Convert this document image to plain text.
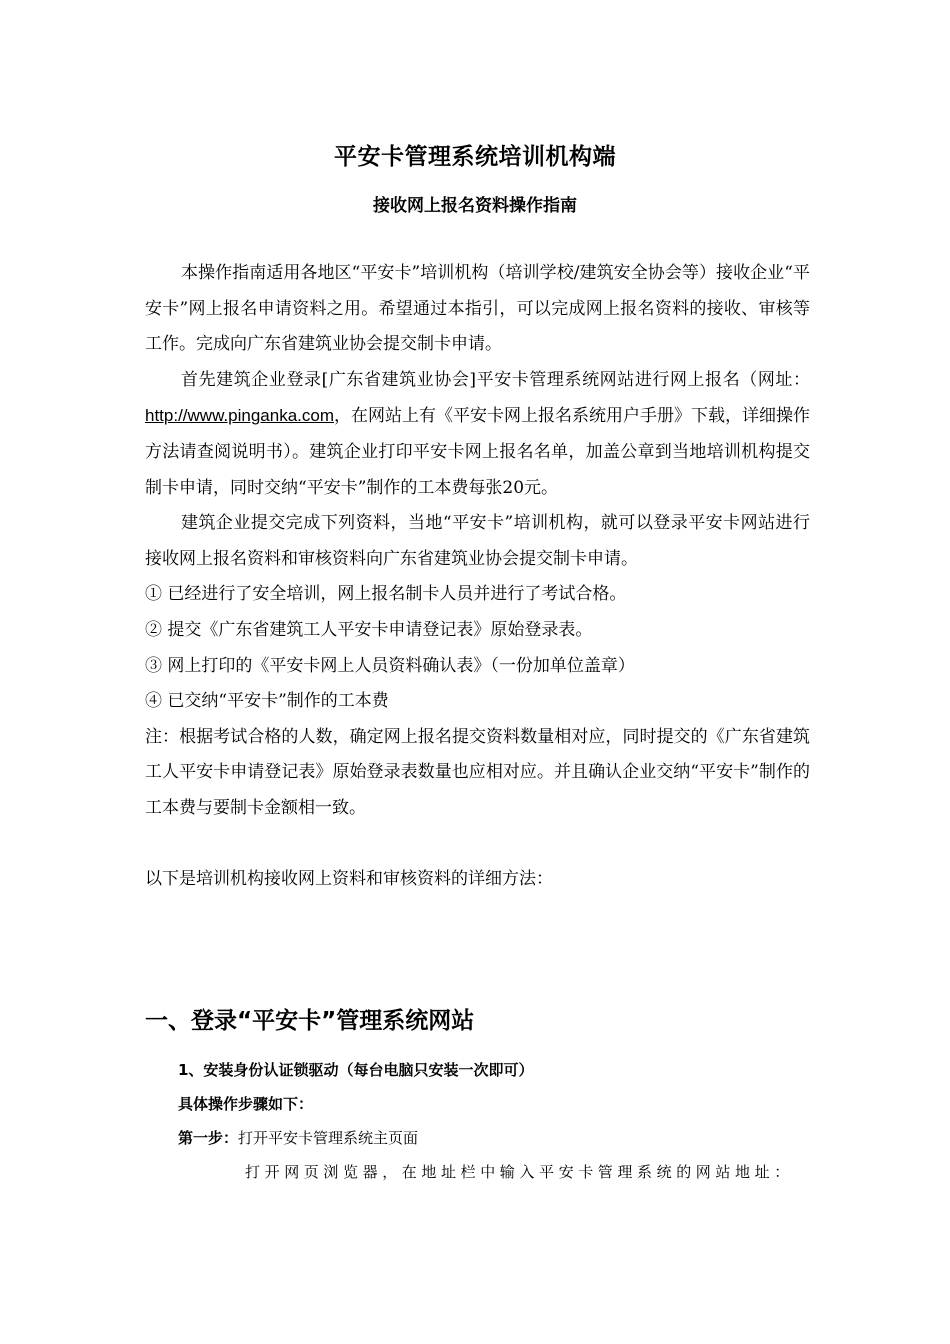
平安卡管理系统培训机构端
接收网上报名资料操作指南

本操作指南适用各地区“平安卡”培训机构（培训学校/建筑安全协会等）接收企业“平安卡”网上报名申请资料之用。希望通过本指引，可以完成网上报名资料的接收、审核等工作。完成向广东省建筑业协会提交制卡申请。

首先建筑企业登录[广东省建筑业协会]平安卡管理系统网站进行网上报名（网址：http://www.pinganka.com，在网站上有《平安卡网上报名系统用户手册》下载，详细操作方法请查阅说明书）。建筑企业打印平安卡网上报名名单，加盖公章到当地培训机构提交制卡申请，同时交纳“平安卡”制作的工本费每张20元。

建筑企业提交完成下列资料，当地“平安卡”培训机构，就可以登录平安卡网站进行接收网上报名资料和审核资料向广东省建筑业协会提交制卡申请。

① 已经进行了安全培训，网上报名制卡人员并进行了考试合格。

② 提交《广东省建筑工人平安卡申请登记表》原始登录表。

③ 网上打印的《平安卡网上人员资料确认表》（一份加单位盖章）

④ 已交纳“平安卡”制作的工本费

注：根据考试合格的人数，确定网上报名提交资料数量相对应，同时提交的《广东省建筑工人平安卡申请登记表》原始登录表数量也应相对应。并且确认企业交纳“平安卡”制作的工本费与要制卡金额相一致。

以下是培训机构接收网上资料和审核资料的详细方法：

一、登录“平安卡”管理系统网站
1、安装身份认证锁驱动（每台电脑只安装一次即可）
具体操作步骤如下：
第一步：打开平安卡管理系统主页面
打开网页浏览器，在地址栏中输入平安卡管理系统的网站地址：
